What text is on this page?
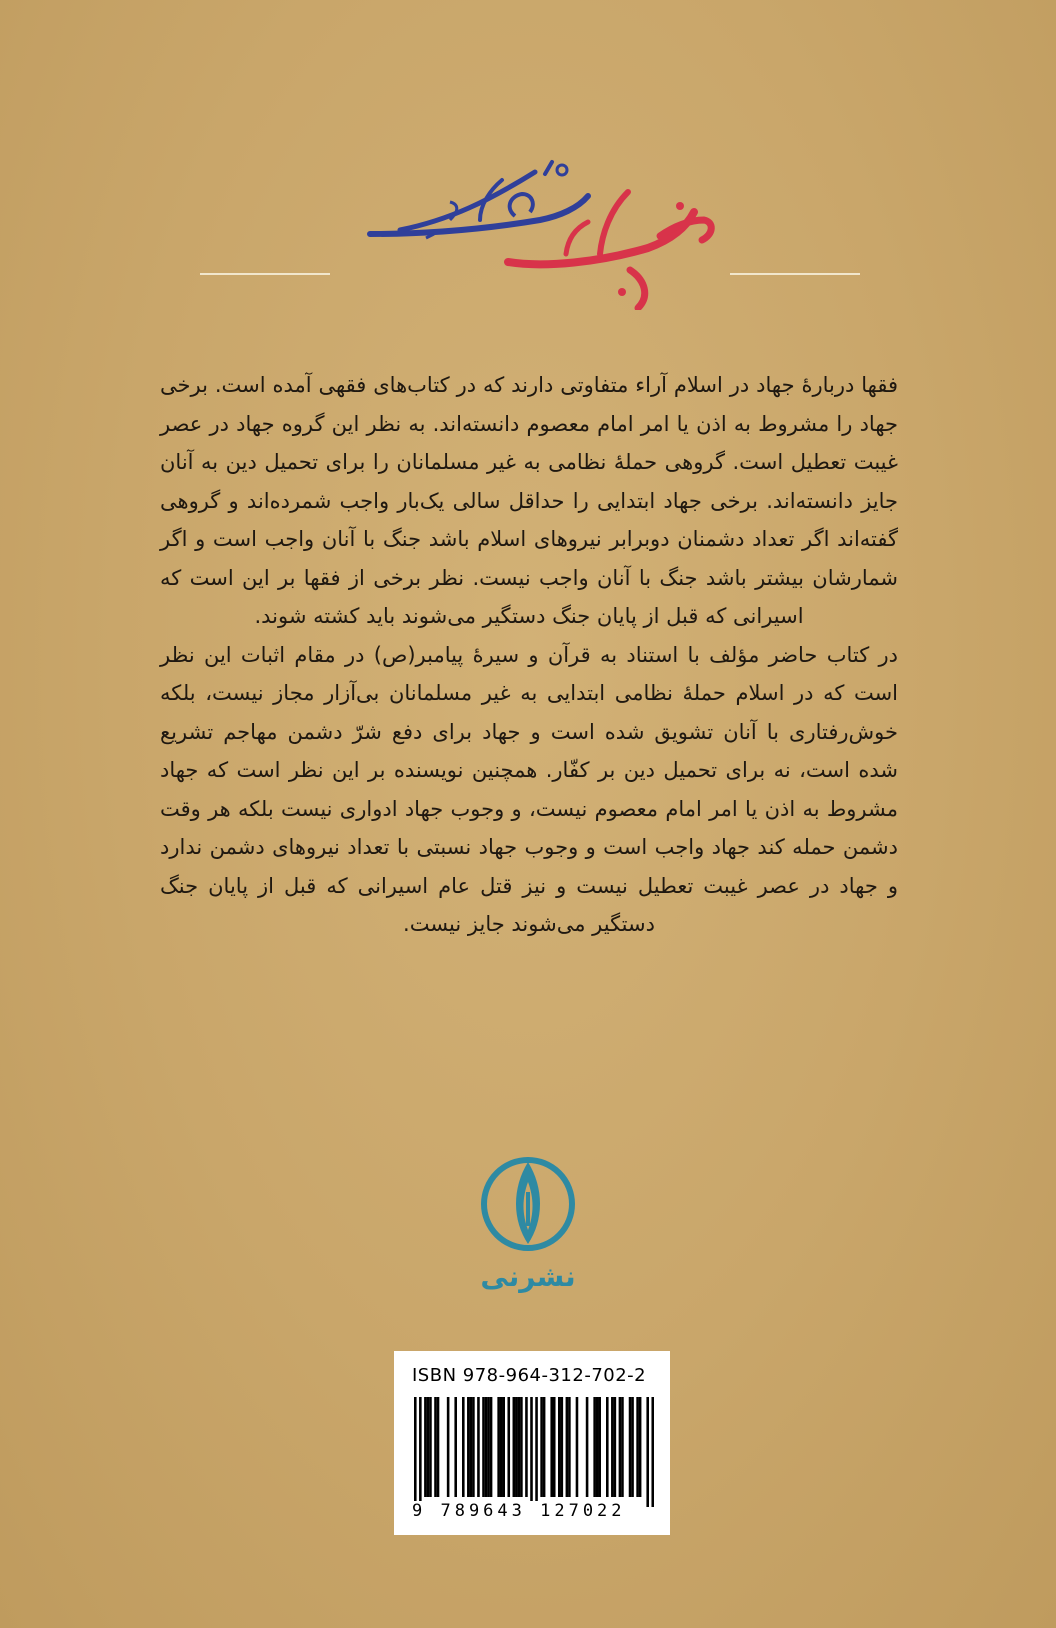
فقها دربارهٔ جهاد در اسلام آراء متفاوتی دارند که در کتاب‌های فقهی آمده است. برخی جهاد را مشروط به اذن یا امر امام معصوم دانسته‌اند. به نظر این گروه جهاد در عصر غیبت تعطیل است. گروهی حملهٔ نظامی به غیر مسلمانان را برای تحمیل دین به آنان جایز دانسته‌اند. برخی جهاد ابتدایی را حداقل سالی یک‌بار واجب شمرده‌اند و گروهی گفته‌اند اگر تعداد دشمنان دوبرابر نیروهای اسلام باشد جنگ با آنان واجب است و اگر شمارشان بیشتر باشد جنگ با آنان واجب نیست. نظر برخی از فقها بر این است که اسیرانی که قبل از پایان جنگ دستگیر می‌شوند باید کشته شوند.

در کتاب حاضر مؤلف با استناد به قرآن و سیرهٔ پیامبر(ص) در مقام اثبات این نظر است که در اسلام حملهٔ نظامی ابتدایی به غیر مسلمانان بی‌آزار مجاز نیست، بلکه خوش‌رفتاری با آنان تشویق شده است و جهاد برای دفع شرّ دشمن مهاجم تشریع شده است، نه برای تحمیل دین بر کفّار. همچنین نویسنده بر این نظر است که جهاد مشروط به اذن یا امر امام معصوم نیست، و وجوب جهاد ادواری نیست بلکه هر وقت دشمن حمله کند جهاد واجب است و وجوب جهاد نسبتی با تعداد نیروهای دشمن ندارد و جهاد در عصر غیبت تعطیل نیست و نیز قتل عام اسیرانی که قبل از پایان جنگ دستگیر می‌شوند جایز نیست.

نشرنی
ISBN 978-964-312-702-2
9 789643 127022
